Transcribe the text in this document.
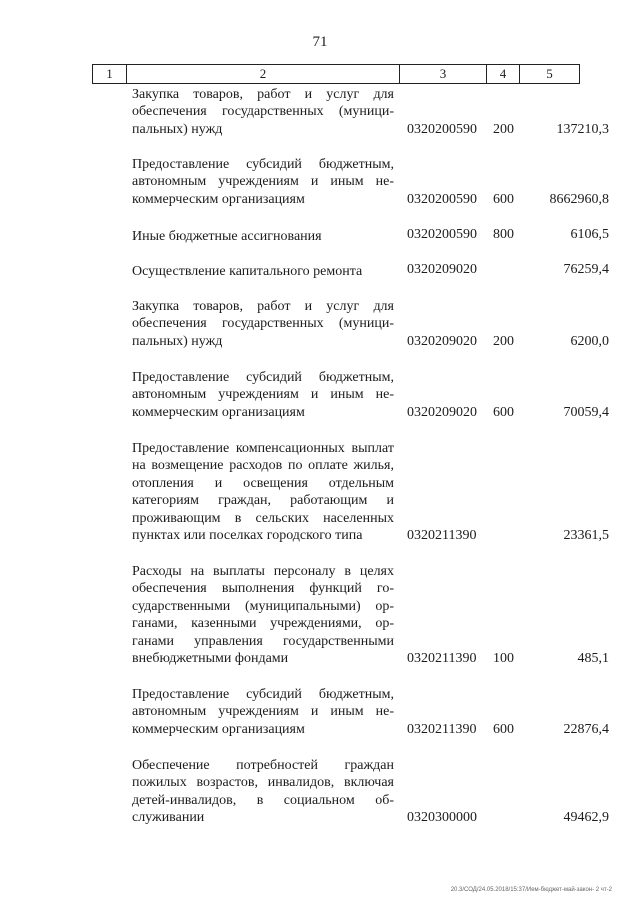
71
1	2	3	4	5
Закупка товаров, работ и услуг для обеспечения государственных (муниципальных) нужд	0320200590 200	137210,3
Предоставление субсидий бюджетным, автономным учреждениям и иным некоммерческим организациям	0320200590 600	8662960,8
Иные бюджетные ассигнования	0320200590 800	6106,5
Осуществление капитального ремонта	0320209020	76259,4
Закупка товаров, работ и услуг для обеспечения государственных (муниципальных) нужд	0320209020 200	6200,0
Предоставление субсидий бюджетным, автономным учреждениям и иным некоммерческим организациям	0320209020 600	70059,4
Предоставление компенсационных выплат на возмещение расходов по оплате жилья, отопления и освещения отдельным категориям граждан, работающим и проживающим в сельских населенных пунктах или поселках городского типа	0320211390	23361,5
Расходы на выплаты персоналу в целях обеспечения выполнения функций государственными (муниципальными) органами, казенными учреждениями, органами управления государственными внебюджетными фондами	0320211390 100	485,1
Предоставление субсидий бюджетным, автономным учреждениям и иным некоммерческим организациям	0320211390 600	22876,4
Обеспечение потребностей граждан пожилых возрастов, инвалидов, включая детей-инвалидов, в социальном обслуживании	0320300000	49462,9
20.3/СОД/24.05.2018/15:37/Ием-бюджет-май-закон- 2 чт-2
